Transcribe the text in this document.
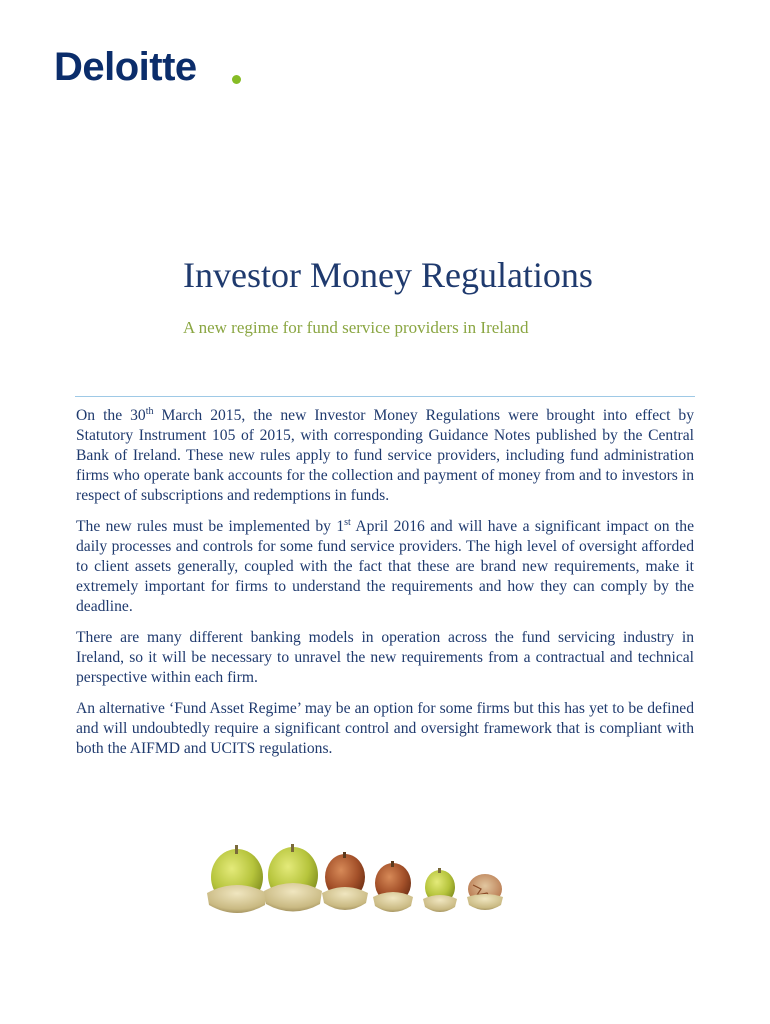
Deloitte
Investor Money Regulations
A new regime for fund service providers in Ireland

On the 30th March 2015, the new Investor Money Regulations were brought into effect by Statutory Instrument 105 of 2015, with corresponding Guidance Notes published by the Central Bank of Ireland. These new rules apply to fund service providers, including fund administration firms who operate bank accounts for the collection and payment of money from and to investors in respect of subscriptions and redemptions in funds.

The new rules must be implemented by 1st April 2016 and will have a significant impact on the daily processes and controls for some fund service providers. The high level of oversight afforded to client assets generally, coupled with the fact that these are brand new requirements, make it extremely important for firms to understand the requirements and how they can comply by the deadline.

There are many different banking models in operation across the fund servicing industry in Ireland, so it will be necessary to unravel the new requirements from a contractual and technical perspective within each firm.

An alternative ‘Fund Asset Regime’ may be an option for some firms but this has yet to be defined and will undoubtedly require a significant control and oversight framework that is compliant with both the AIFMD and UCITS regulations.
